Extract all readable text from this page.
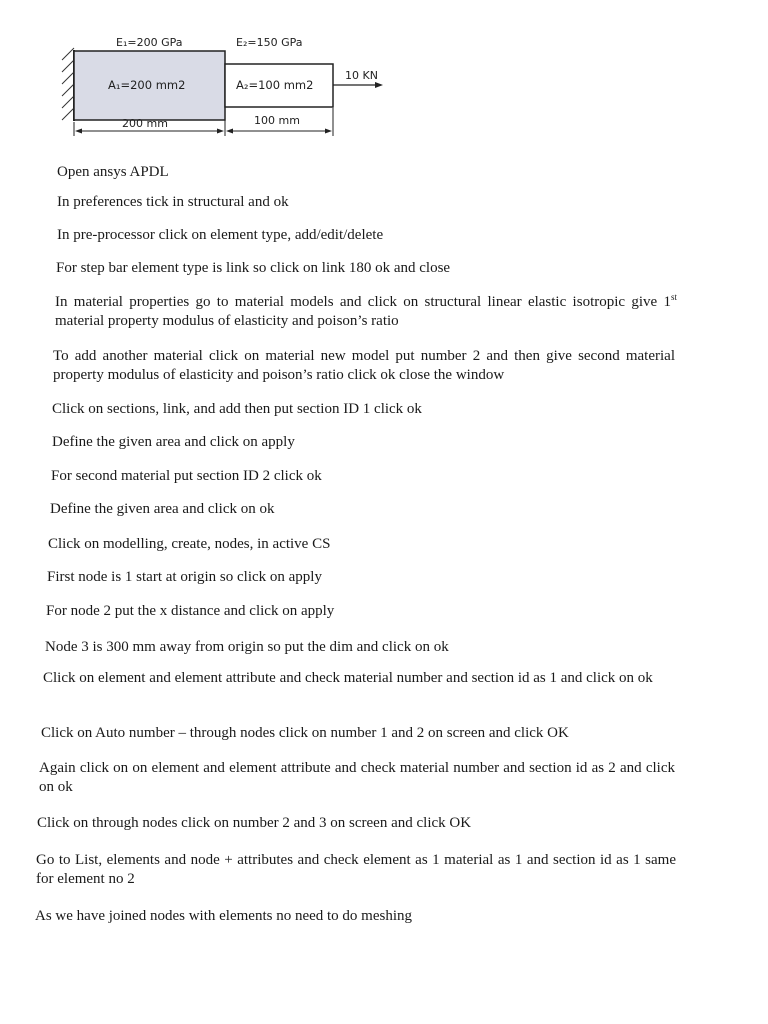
E₁=200 GPa	E₂=150 GPa
A₁=200 mm2	A₂=100 mm2
10 KN
200 mm	100 mm
Open ansys APDL
In preferences tick in structural and ok
In pre-processor click on element type, add/edit/delete
For step bar element type is link so click on link 180 ok and close
In material properties go to material models and click on structural linear elastic isotropic give 1st material property modulus of elasticity and poison’s ratio
To add another material click on material new model put number 2 and then give second material property modulus of elasticity and poison’s ratio click ok close the window
Click on sections, link, and add then put section ID 1 click ok
Define the given area and click on apply
For second material put section ID 2 click ok
Define the given area and click on ok
Click on modelling, create, nodes, in active CS
First node is 1 start at origin so click on apply
For node 2 put the x distance and click on apply
Node 3 is 300 mm away from origin so put the dim and click on ok
Click on element and element attribute and check material number and section id as 1 and click on ok
Click on Auto number – through nodes click on number 1 and 2 on screen and click OK
Again click on on element and element attribute and check material number and section id as 2 and click on ok
Click on through nodes click on number 2 and 3 on screen and click OK
Go to List, elements and node + attributes and check element as 1 material as 1 and section id as 1 same for element no 2
As we have joined nodes with elements no need to do meshing
